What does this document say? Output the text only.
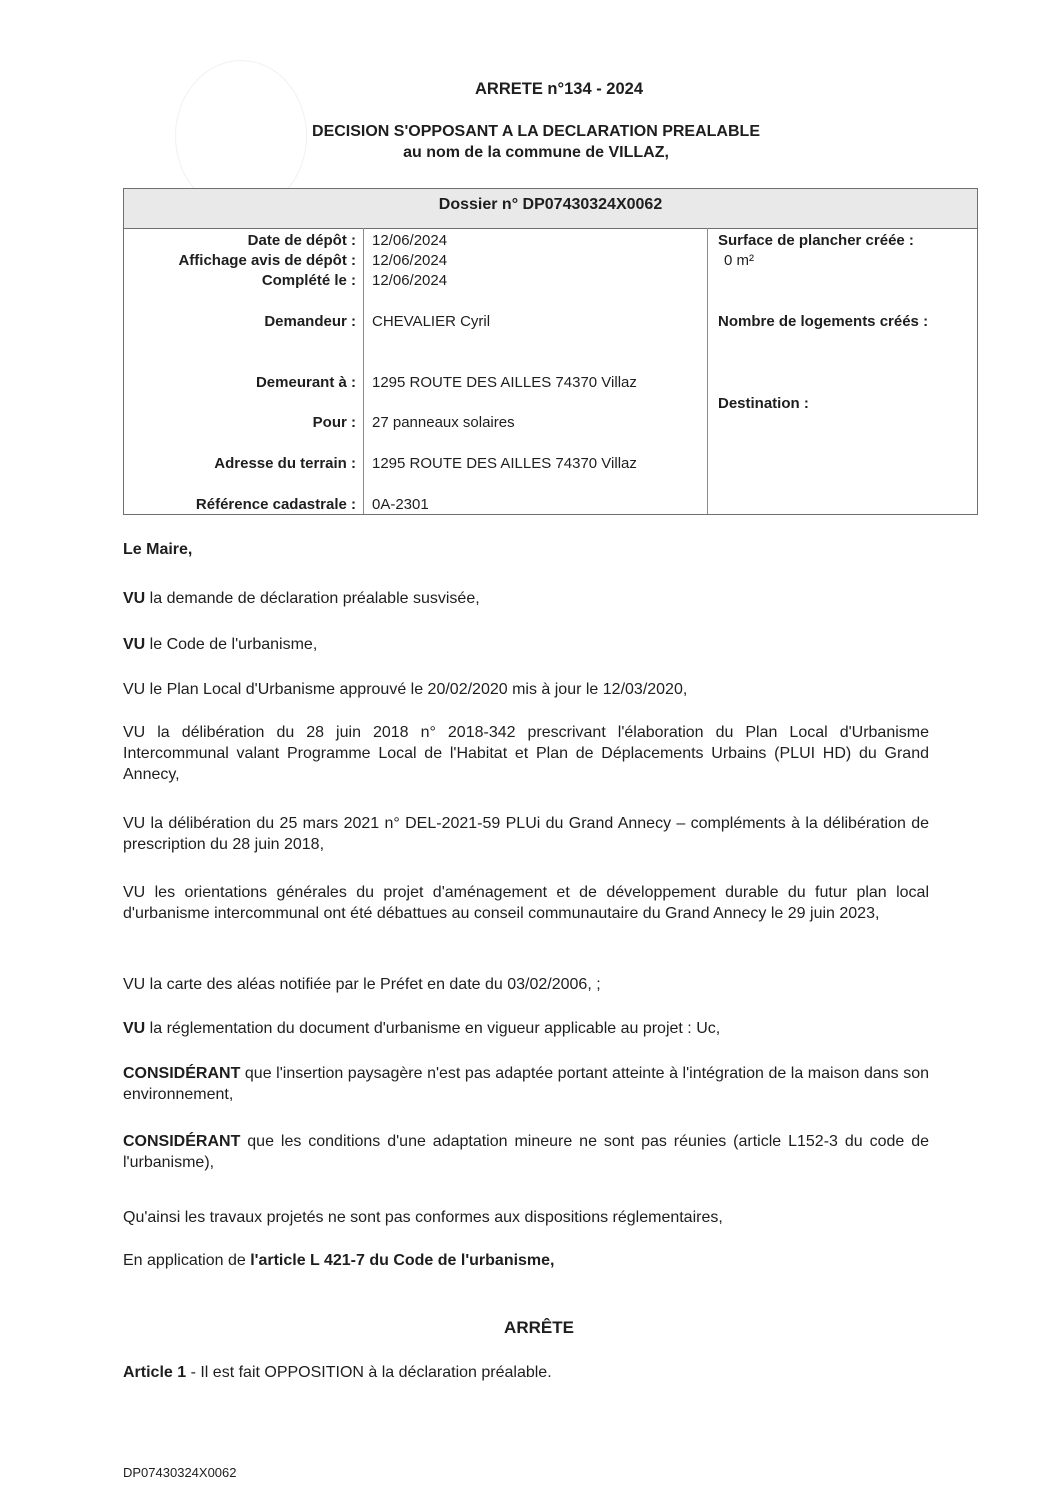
ARRETE n°134 - 2024

DECISION S'OPPOSANT A LA DECLARATION PREALABLE

au nom de la commune de VILLAZ,

Dossier n° DP07430324X0062
Date de dépôt :
Affichage avis de dépôt :
Complété le :
Demandeur :
Demeurant à :
Pour :
Adresse du terrain :
Référence cadastrale :
12/06/2024
12/06/2024
12/06/2024
CHEVALIER Cyril
1295 ROUTE DES AILLES 74370 Villaz
27 panneaux solaires
1295 ROUTE DES AILLES 74370 Villaz
0A-2301
Surface de plancher créée :
0 m²
Nombre de logements créés :
Destination :

Le Maire,

VU la demande de déclaration préalable susvisée,

VU le Code de l'urbanisme,

VU le Plan Local d'Urbanisme approuvé le 20/02/2020 mis à jour le 12/03/2020,

VU la délibération du 28 juin 2018 n° 2018-342 prescrivant l'élaboration du Plan Local d'Urbanisme Intercommunal valant Programme Local de l'Habitat et Plan de Déplacements Urbains (PLUI HD) du Grand Annecy,

VU la délibération du 25 mars 2021 n° DEL-2021-59 PLUi du Grand Annecy – compléments à la délibération de prescription du 28 juin 2018,

VU les orientations générales du projet d'aménagement et de développement durable du futur plan local d'urbanisme intercommunal ont été débattues au conseil communautaire du Grand Annecy le 29 juin 2023,

VU la carte des aléas notifiée par le Préfet en date du 03/02/2006, ;

VU la réglementation du document d'urbanisme en vigueur applicable au projet : Uc,

CONSIDÉRANT que l'insertion paysagère n'est pas adaptée portant atteinte à l'intégration de la maison dans son environnement,

CONSIDÉRANT que les conditions d'une adaptation mineure ne sont pas réunies (article L152-3 du code de l'urbanisme),

Qu'ainsi les travaux projetés ne sont pas conformes aux dispositions réglementaires,

En application de l'article L 421-7 du Code de l'urbanisme,

ARRÊTE

Article 1 - Il est fait OPPOSITION à la déclaration préalable.

DP07430324X0062
